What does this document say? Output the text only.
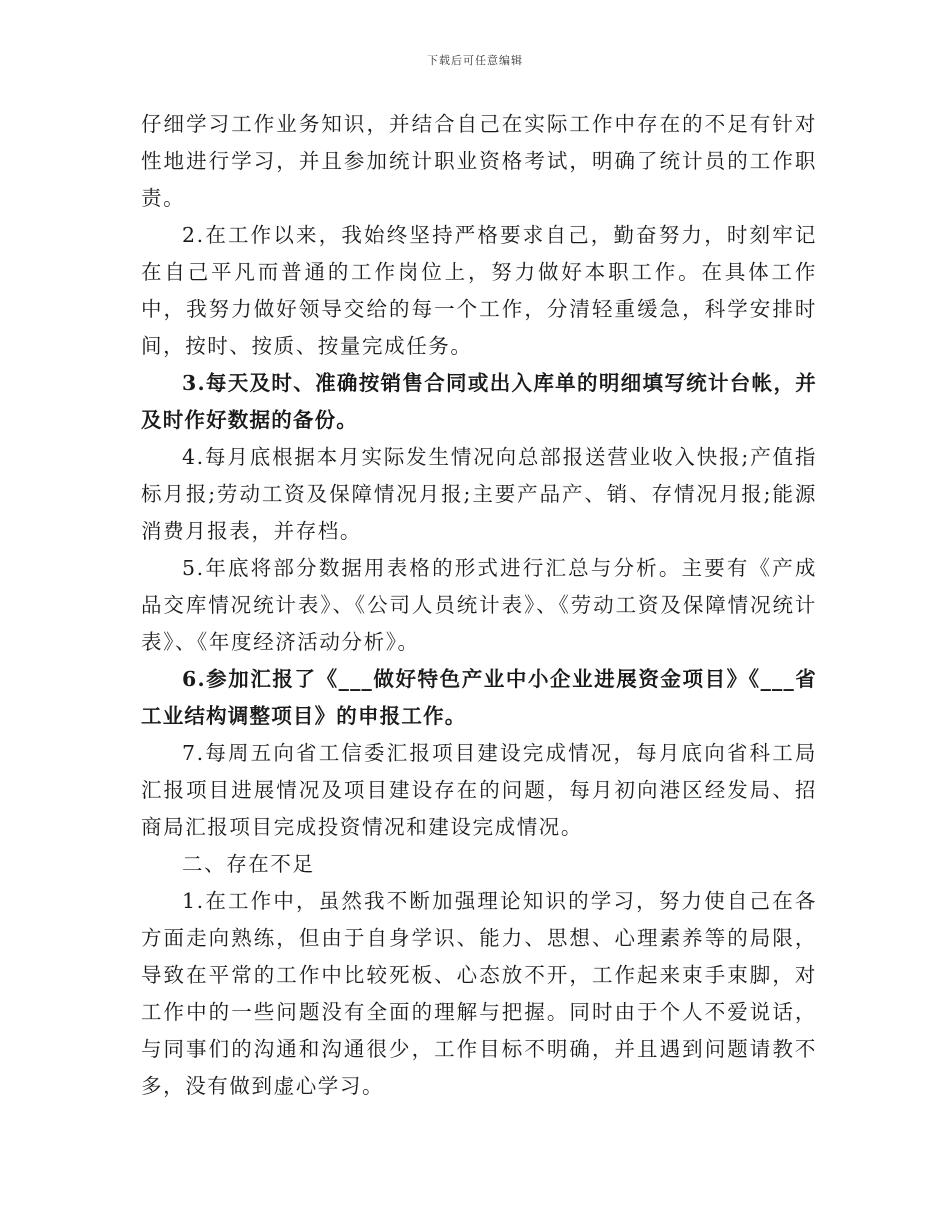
下载后可任意编辑

仔细学习工作业务知识，并结合自己在实际工作中存在的不足有针对性地进行学习，并且参加统计职业资格考试，明确了统计员的工作职责。

2.在工作以来，我始终坚持严格要求自己，勤奋努力，时刻牢记在自己平凡而普通的工作岗位上，努力做好本职工作。在具体工作中，我努力做好领导交给的每一个工作，分清轻重缓急，科学安排时间，按时、按质、按量完成任务。

3.每天及时、准确按销售合同或出入库单的明细填写统计台帐，并及时作好数据的备份。

4.每月底根据本月实际发生情况向总部报送营业收入快报;产值指标月报;劳动工资及保障情况月报;主要产品产、销、存情况月报;能源消费月报表，并存档。

5.年底将部分数据用表格的形式进行汇总与分析。主要有《产成品交库情况统计表》、《公司人员统计表》、《劳动工资及保障情况统计表》、《年度经济活动分析》。

6.参加汇报了《___做好特色产业中小企业进展资金项目》《___省工业结构调整项目》的申报工作。

7.每周五向省工信委汇报项目建设完成情况，每月底向省科工局汇报项目进展情况及项目建设存在的问题，每月初向港区经发局、招商局汇报项目完成投资情况和建设完成情况。

二、存在不足

1.在工作中，虽然我不断加强理论知识的学习，努力使自己在各方面走向熟练，但由于自身学识、能力、思想、心理素养等的局限，导致在平常的工作中比较死板、心态放不开，工作起来束手束脚，对工作中的一些问题没有全面的理解与把握。同时由于个人不爱说话，与同事们的沟通和沟通很少，工作目标不明确，并且遇到问题请教不多，没有做到虚心学习。
